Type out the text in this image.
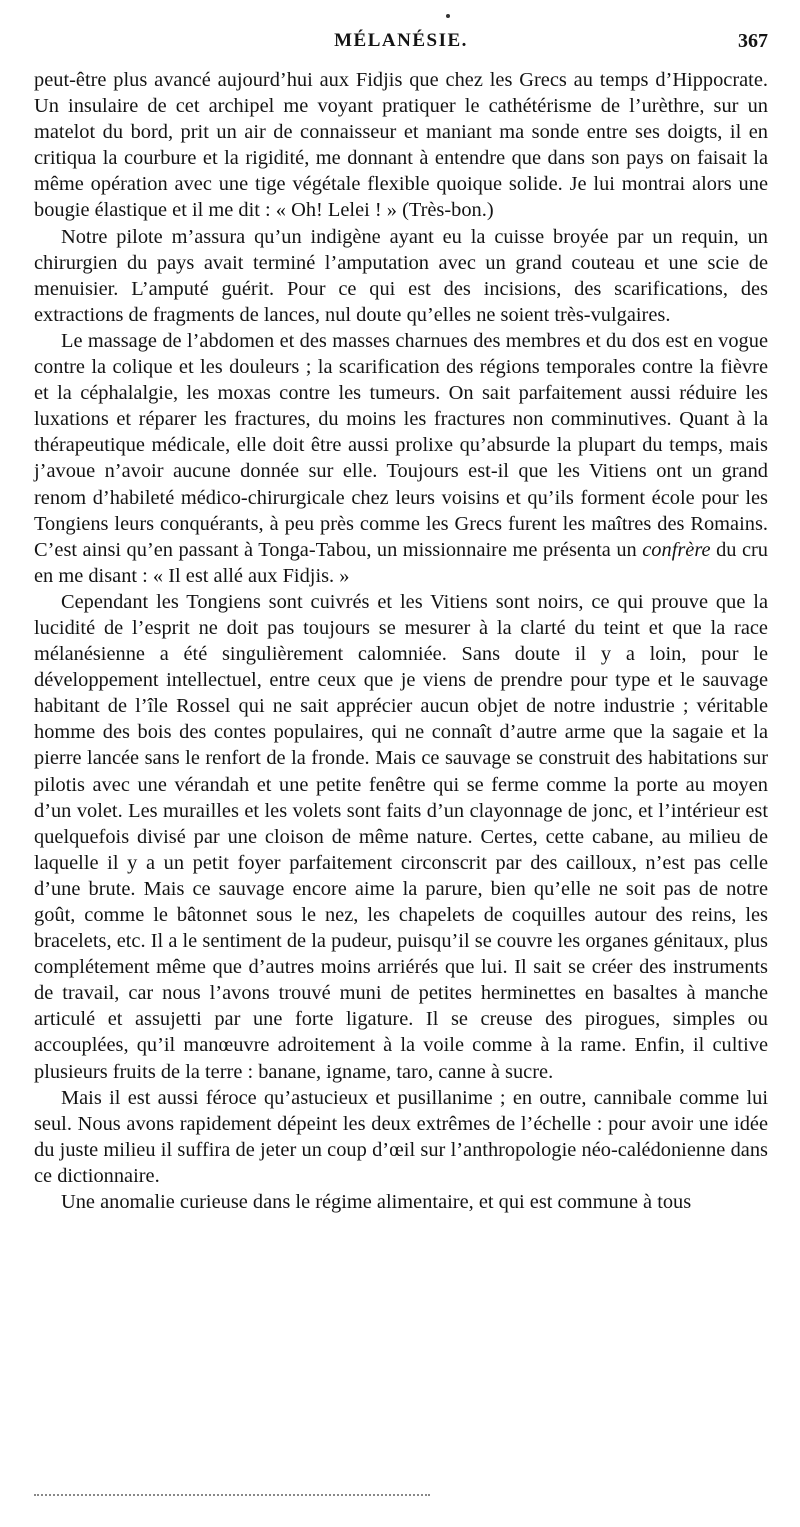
MÉLANÉSIE.	367

peut-être plus avancé aujourd’hui aux Fidjis que chez les Grecs au temps d’Hippocrate. Un insulaire de cet archipel me voyant pratiquer le cathétérisme de l’urèthre, sur un matelot du bord, prit un air de connaisseur et maniant ma sonde entre ses doigts, il en critiqua la courbure et la rigidité, me donnant à entendre que dans son pays on faisait la même opération avec une tige végétale flexible quoique solide. Je lui montrai alors une bougie élastique et il me dit : « Oh! Lelei ! » (Très-bon.)

Notre pilote m’assura qu’un indigène ayant eu la cuisse broyée par un requin, un chirurgien du pays avait terminé l’amputation avec un grand couteau et une scie de menuisier. L’amputé guérit. Pour ce qui est des incisions, des scarifications, des extractions de fragments de lances, nul doute qu’elles ne soient très-vulgaires.

Le massage de l’abdomen et des masses charnues des membres et du dos est en vogue contre la colique et les douleurs ; la scarification des régions temporales contre la fièvre et la céphalalgie, les moxas contre les tumeurs. On sait parfaitement aussi réduire les luxations et réparer les fractures, du moins les fractures non comminutives. Quant à la thérapeutique médicale, elle doit être aussi prolixe qu’absurde la plupart du temps, mais j’avoue n’avoir aucune donnée sur elle. Toujours est-il que les Vitiens ont un grand renom d’habileté médico-chirurgicale chez leurs voisins et qu’ils forment école pour les Tongiens leurs conquérants, à peu près comme les Grecs furent les maîtres des Romains. C’est ainsi qu’en passant à Tonga-Tabou, un missionnaire me présenta un confrère du cru en me disant : « Il est allé aux Fidjis. »

Cependant les Tongiens sont cuivrés et les Vitiens sont noirs, ce qui prouve que la lucidité de l’esprit ne doit pas toujours se mesurer à la clarté du teint et que la race mélanésienne a été singulièrement calomniée. Sans doute il y a loin, pour le développement intellectuel, entre ceux que je viens de prendre pour type et le sauvage habitant de l’île Rossel qui ne sait apprécier aucun objet de notre industrie ; véritable homme des bois des contes populaires, qui ne connaît d’autre arme que la sagaie et la pierre lancée sans le renfort de la fronde. Mais ce sauvage se construit des habitations sur pilotis avec une vérandah et une petite fenêtre qui se ferme comme la porte au moyen d’un volet. Les murailles et les volets sont faits d’un clayonnage de jonc, et l’intérieur est quelquefois divisé par une cloison de même nature. Certes, cette cabane, au milieu de laquelle il y a un petit foyer parfaitement circonscrit par des cailloux, n’est pas celle d’une brute. Mais ce sauvage encore aime la parure, bien qu’elle ne soit pas de notre goût, comme le bâtonnet sous le nez, les chapelets de coquilles autour des reins, les bracelets, etc. Il a le sentiment de la pudeur, puisqu’il se couvre les organes génitaux, plus complétement même que d’autres moins arriérés que lui. Il sait se créer des instruments de travail, car nous l’avons trouvé muni de petites herminettes en basaltes à manche articulé et assujetti par une forte ligature. Il se creuse des pirogues, simples ou accouplées, qu’il manœuvre adroitement à la voile comme à la rame. Enfin, il cultive plusieurs fruits de la terre : banane, igname, taro, canne à sucre.

Mais il est aussi féroce qu’astucieux et pusillanime ; en outre, cannibale comme lui seul. Nous avons rapidement dépeint les deux extrêmes de l’échelle : pour avoir une idée du juste milieu il suffira de jeter un coup d’œil sur l’anthropologie néo-calédonienne dans ce dictionnaire.

Une anomalie curieuse dans le régime alimentaire, et qui est commune à tous
